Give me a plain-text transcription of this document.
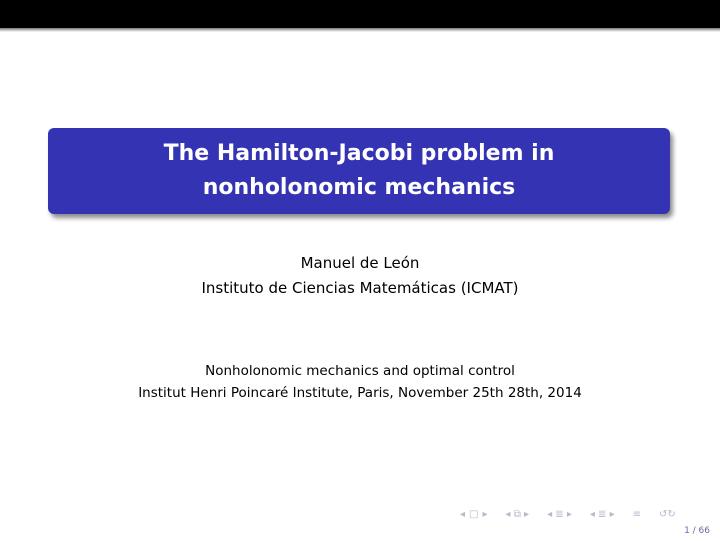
The Hamilton-Jacobi problem in
nonholonomic mechanics
Manuel de León
Instituto de Ciencias Matemáticas (ICMAT)
Nonholonomic mechanics and optimal control
Institut Henri Poincaré Institute, Paris, November 25th 28th, 2014
◂ □ ▸ ◂ ⧉ ▸ ◂ ≣ ▸ ◂ ≣ ▸ ≡ ↺↻
1 / 66
